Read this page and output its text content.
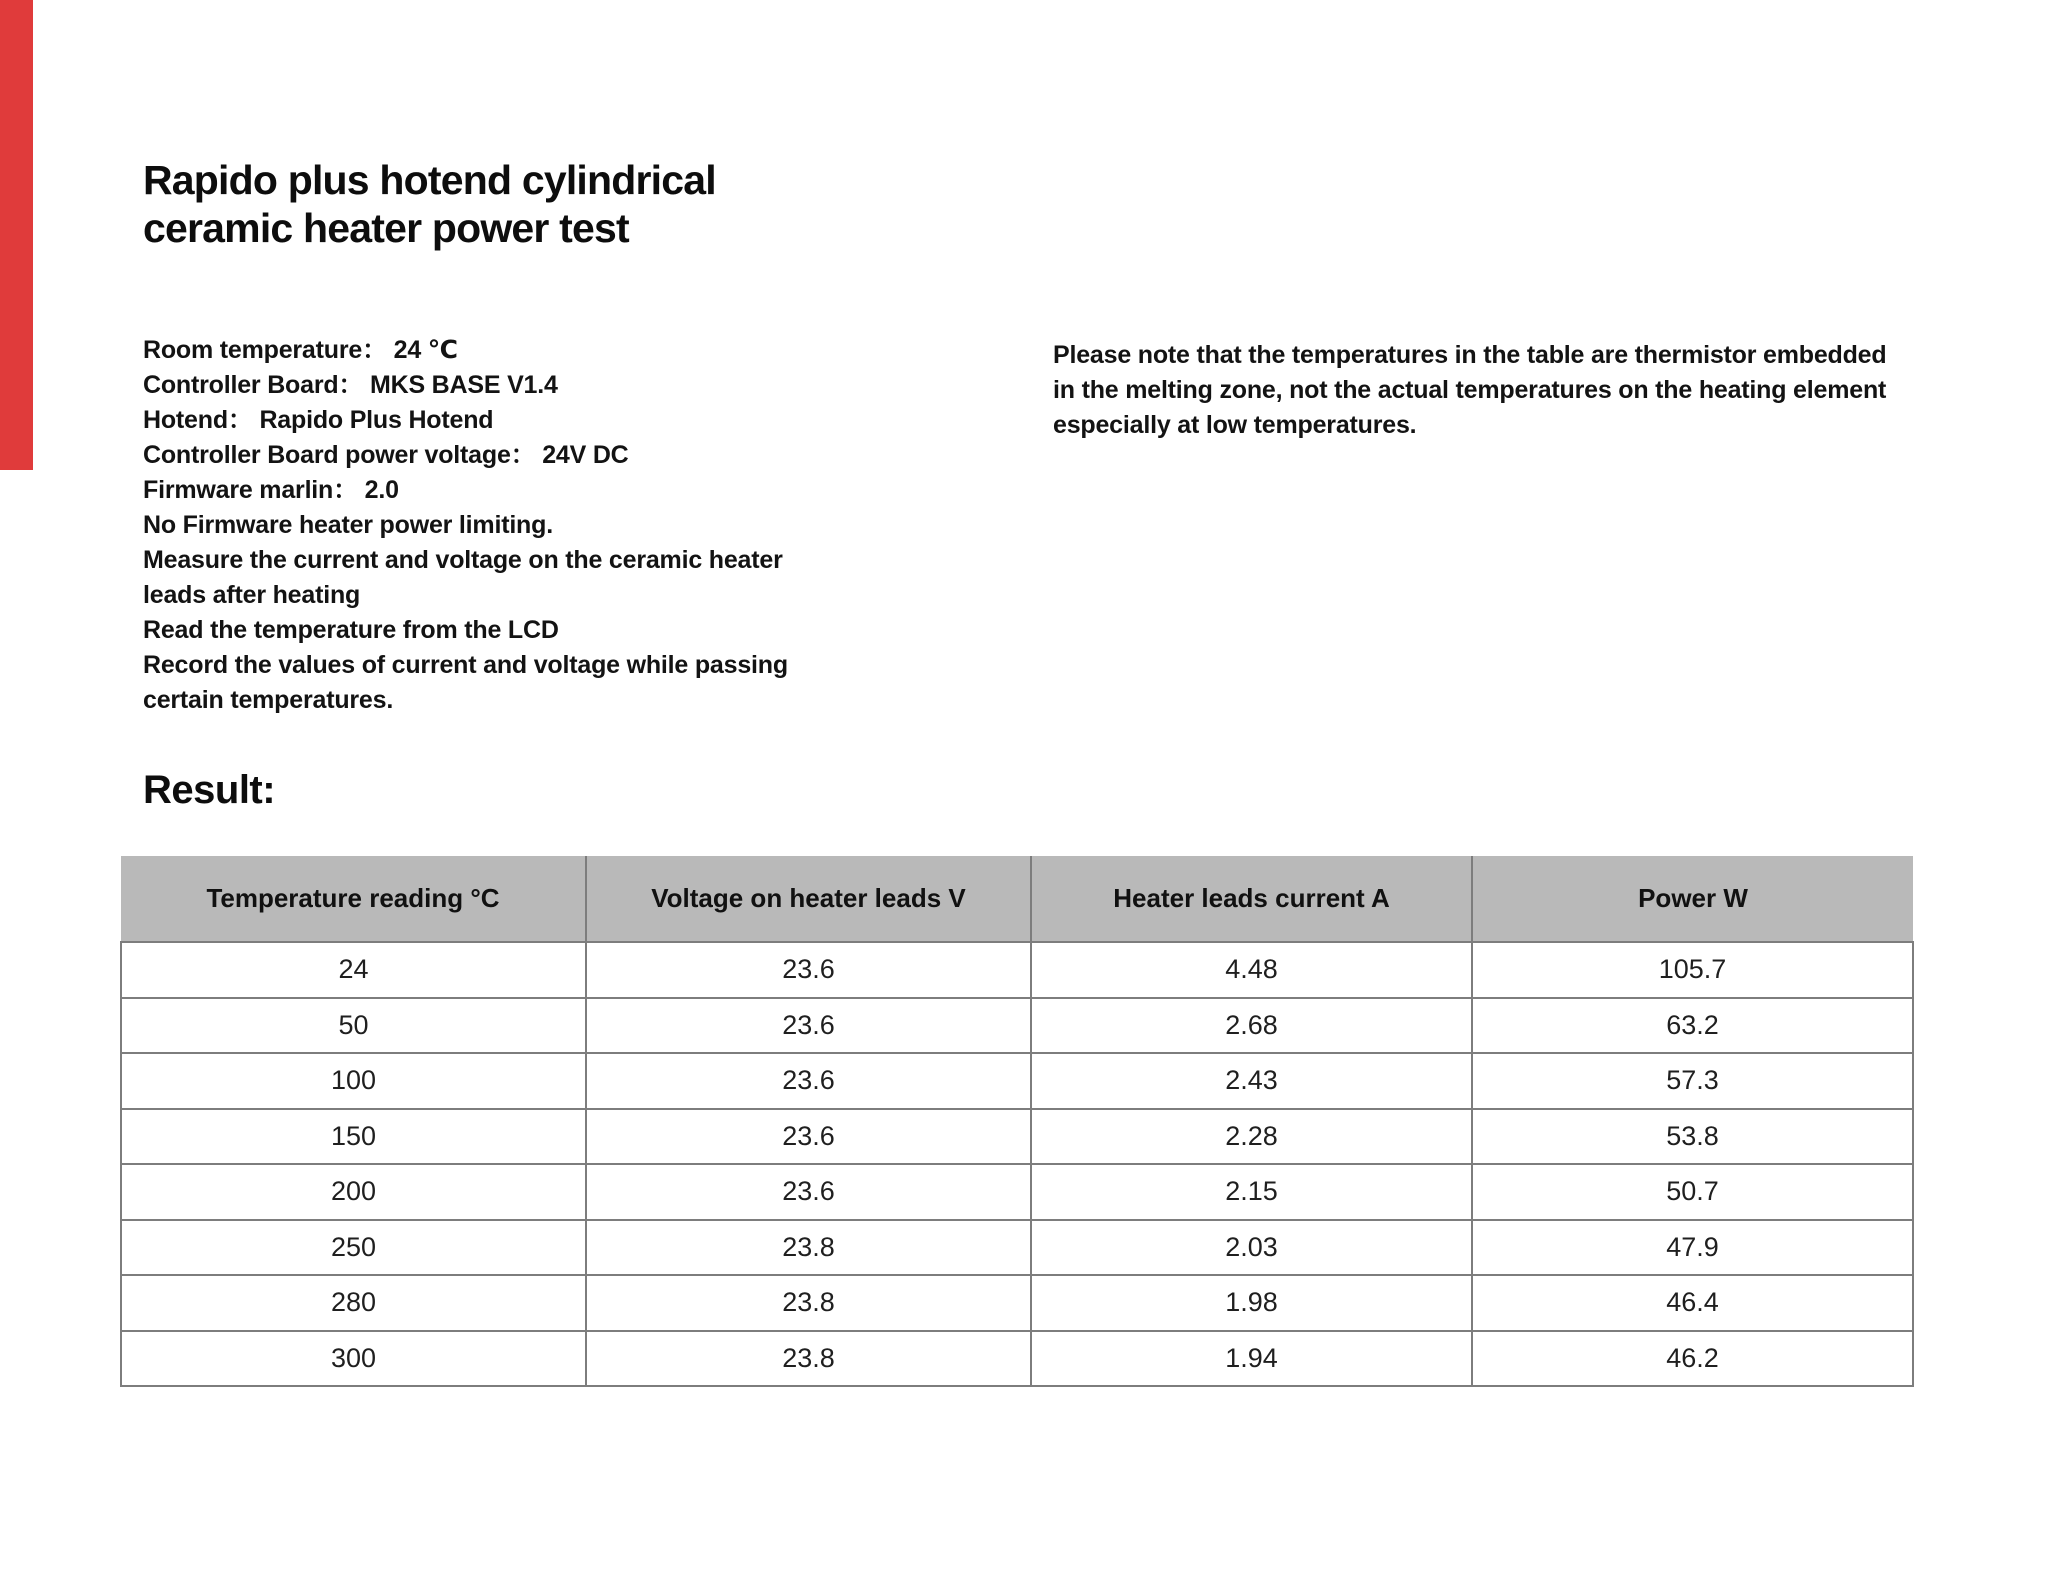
Rapido plus hotend cylindrical
ceramic heater power test
Room temperature： 24 ℃
Controller Board： MKS BASE V1.4
Hotend： Rapido Plus Hotend
Controller Board power voltage： 24V DC
Firmware marlin： 2.0
No Firmware heater power limiting.
Measure the current and voltage on the ceramic heater
leads after heating
Read the temperature from the LCD
Record the values of current and voltage while passing
certain temperatures.
Please note that the temperatures in the table are thermistor embedded
in the melting zone, not the actual temperatures on the heating element
especially at low temperatures.
Result:
Temperature reading °C	Voltage on heater leads V	Heater leads current A	Power W
24	23.6	4.48	105.7
50	23.6	2.68	63.2
100	23.6	2.43	57.3
150	23.6	2.28	53.8
200	23.6	2.15	50.7
250	23.8	2.03	47.9
280	23.8	1.98	46.4
300	23.8	1.94	46.2
